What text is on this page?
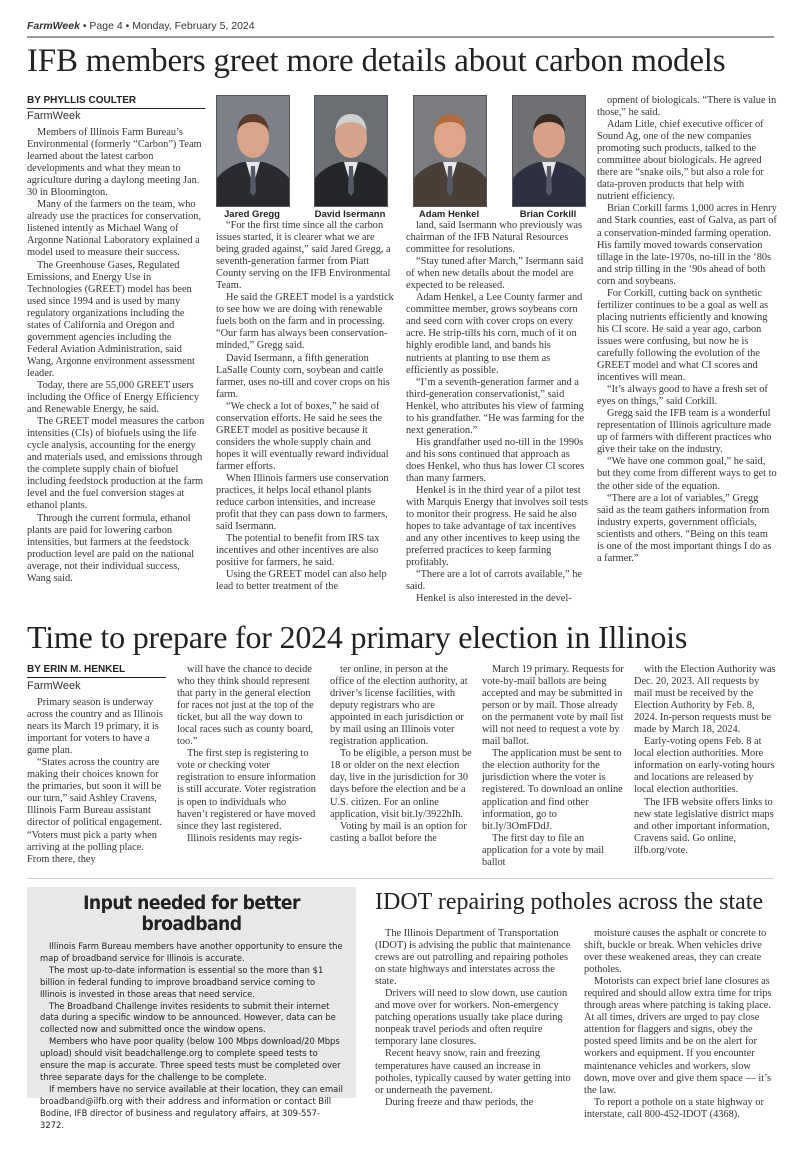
FarmWeek • Page 4 • Monday, February 5, 2024
IFB members greet more details about carbon models
BY PHYLLIS COULTER
FarmWeek

Members of Illinois Farm Bureau’s Environmental (formerly “Carbon”) Team learned about the latest carbon developments and what they mean to agriculture during a daylong meeting Jan. 30 in Bloomington.

Many of the farmers on the team, who already use the practices for conservation, listened intently as Michael Wang of Argonne National Laboratory explained a model used to measure their success.

The Greenhouse Gases, Regulated Emissions, and Energy Use in Technologies (GREET) model has been used since 1994 and is used by many regulatory organizations including the states of California and Oregon and government agencies including the Federal Aviation Administration, said Wang, Argonne environment assessment leader.

Today, there are 55,000 GREET users including the Office of Energy Efficiency and Renewable Energy, he said.

The GREET model measures the carbon intensities (CIs) of biofuels using the life cycle analysis, accounting for the energy and materials used, and emissions through the complete supply chain of biofuel including feedstock production at the farm level and the fuel conversion stages at ethanol plants.

Through the current formula, ethanol plants are paid for lowering carbon intensities, but farmers at the feedstock production level are paid on the national average, not their individual success, Wang said.

Jared Gregg	David Isermann	Adam Henkel	Brian Corkill

“For the first time since all the carbon issues started, it is clearer what we are being graded against,” said Jared Gregg, a seventh-generation farmer from Piatt County serving on the IFB Environmental Team.

He said the GREET model is a yardstick to see how we are doing with renewable fuels both on the farm and in processing. “Our farm has always been conservation-minded,” Gregg said.

David Isermann, a fifth generation LaSalle County corn, soybean and cattle farmer, uses no-till and cover crops on his farm.

“We check a lot of boxes,” he said of conservation efforts. He said he sees the GREET model as positive because it considers the whole supply chain and hopes it will eventually reward individual farmer efforts.

When Illinois farmers use conservation practices, it helps local ethanol plants reduce carbon intensities, and increase profit that they can pass down to farmers, said Isermann.

The potential to benefit from IRS tax incentives and other incentives are also positive for farmers, he said.

Using the GREET model can also help lead to better treatment of the

land, said Isermann who previously was chairman of the IFB Natural Resources committee for resolutions.

“Stay tuned after March,” Isermann said of when new details about the model are expected to be released.

Adam Henkel, a Lee County farmer and committee member, grows soybeans corn and seed corn with cover crops on every acre. He strip-tills his corn, much of it on highly erodible land, and bands his nutrients at planting to use them as efficiently as possible.

“I’m a seventh-generation farmer and a third-generation conservationist,” said Henkel, who attributes his view of farming to his grandfather. “He was farming for the next generation.”

His grandfather used no-till in the 1990s and his sons continued that approach as does Henkel, who thus has lower CI scores than many farmers.

Henkel is in the third year of a pilot test with Marquis Energy that involves soil tests to monitor their progress. He said he also hopes to take advantage of tax incentives and any other incentives to keep using the preferred practices to keep farming profitably.

“There are a lot of carrots available,” he said.

Henkel is also interested in the devel-

opment of biologicals. “There is value in those,” he said.

Adam Litle, chief executive officer of Sound Ag, one of the new companies promoting such products, talked to the committee about biologicals. He agreed there are “snake oils,” but also a role for data-proven products that help with nutrient efficiency.

Brian Corkill farms 1,000 acres in Henry and Stark counties, east of Galva, as part of a conservation-minded farming operation. His family moved towards conservation tillage in the late-1970s, no-till in the ‘80s and strip tilling in the ‘90s ahead of both corn and soybeans.

For Corkill, cutting back on synthetic fertilizer continues to be a goal as well as placing nutrients efficiently and knowing his CI score. He said a year ago, carbon issues were confusing, but now he is carefully following the evolution of the GREET model and what CI scores and incentives will mean.

“It’s always good to have a fresh set of eyes on things,” said Corkill.

Gregg said the IFB team is a wonderful representation of Illinois agriculture made up of farmers with different practices who give their take on the industry.

“We have one common goal,” he said, but they come from different ways to get to the other side of the equation.

“There are a lot of variables,” Gregg said as the team gathers information from industry experts, government officials, scientists and others. “Being on this team is one of the most important things I do as a farmer.”

Time to prepare for 2024 primary election in Illinois
BY ERIN M. HENKEL
FarmWeek

Primary season is underway across the country and as Illinois nears its March 19 primary, it is important for voters to have a game plan.

“States across the country are making their choices known for the primaries, but soon it will be our turn,” said Ashley Cravens, Illinois Farm Bureau assistant director of political engagement. “Voters must pick a party when arriving at the polling place. From there, they

will have the chance to decide who they think should represent that party in the general election for races not just at the top of the ticket, but all the way down to local races such as county board, too.”

The first step is registering to vote or checking voter registration to ensure information is still accurate. Voter registration is open to individuals who haven’t registered or have moved since they last registered.

Illinois residents may regis-

ter online, in person at the office of the election authority, at driver’s license facilities, with deputy registrars who are appointed in each jurisdiction or by mail using an Illinois voter registration application.

To be eligible, a person must be 18 or older on the next election day, live in the jurisdiction for 30 days before the election and be a U.S. citizen. For an online application, visit bit.ly/3922hIh.

Voting by mail is an option for casting a ballot before the

March 19 primary. Requests for vote-by-mail ballots are being accepted and may be submitted in person or by mail. Those already on the permanent vote by mail list will not need to request a vote by mail ballot.

The application must be sent to the election authority for the jurisdiction where the voter is registered. To download an online application and find other information, go to bit.ly/3OmFDdJ.

The first day to file an application for a vote by mail ballot

with the Election Authority was Dec. 20, 2023. All requests by mail must be received by the Election Authority by Feb. 8, 2024. In-person requests must be made by March 18, 2024.

Early-voting opens Feb. 8 at local election authorities. More information on early-voting hours and locations are released by local election authorities.

The IFB website offers links to new state legislative district maps and other important information, Cravens said. Go online, ilfb.org/vote.

Input needed for better broadband

Illinois Farm Bureau members have another opportunity to ensure the map of broadband service for Illinois is accurate.

The most up-to-date information is essential so the more than $1 billion in federal funding to improve broadband service coming to Illinois is invested in those areas that need service.

The Broadband Challenge invites residents to submit their internet data during a specific window to be announced. However, data can be collected now and submitted once the window opens.

Members who have poor quality (below 100 Mbps download/20 Mbps upload) should visit beadchallenge.org to complete speed tests to ensure the map is accurate. Three speed tests must be completed over three separate days for the challenge to be complete.

If members have no service available at their location, they can email broadband@ilfb.org with their address and information or contact Bill Bodine, IFB director of business and regulatory affairs, at 309-557-3272.

IDOT repairing potholes across the state

The Illinois Department of Transportation (IDOT) is advising the public that maintenance crews are out patrolling and repairing potholes on state highways and interstates across the state.

Drivers will need to slow down, use caution and move over for workers. Non-emergency patching operations usually take place during nonpeak travel periods and often require temporary lane closures.

Recent heavy snow, rain and freezing temperatures have caused an increase in potholes, typically caused by water getting into or underneath the pavement.

During freeze and thaw periods, the

moisture causes the asphalt or concrete to shift, buckle or break. When vehicles drive over these weakened areas, they can create potholes.

Motorists can expect brief lane closures as required and should allow extra time for trips through areas where patching is taking place. At all times, drivers are urged to pay close attention for flaggers and signs, obey the posted speed limits and be on the alert for workers and equipment. If you encounter maintenance vehicles and workers, slow down, move over and give them space — it’s the law.

To report a pothole on a state highway or interstate, call 800-452-IDOT (4368).
